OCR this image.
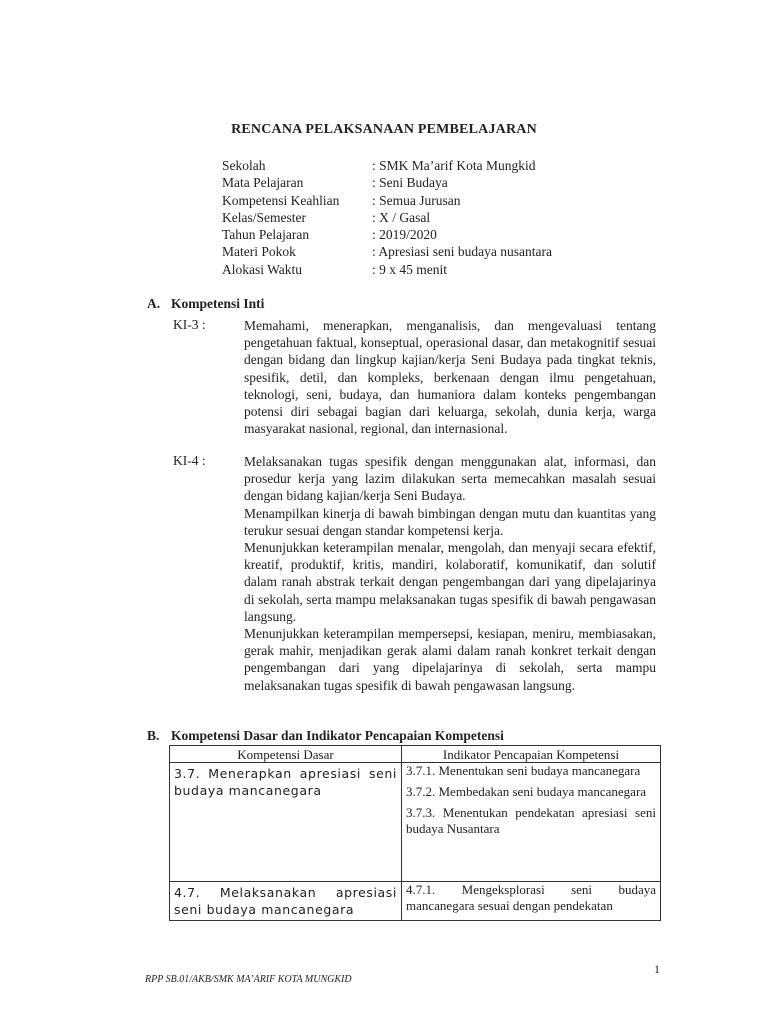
RENCANA PELAKSANAAN PEMBELAJARAN
Sekolah	: SMK Ma’arif Kota Mungkid
Mata Pelajaran	: Seni Budaya
Kompetensi Keahlian	: Semua Jurusan
Kelas/Semester	: X / Gasal
Tahun Pelajaran	: 2019/2020
Materi Pokok	: Apresiasi seni budaya nusantara
Alokasi Waktu	: 9 x 45 menit
A. Kompetensi Inti
KI-3 :	Memahami, menerapkan, menganalisis, dan mengevaluasi tentang pengetahuan faktual, konseptual, operasional dasar, dan metakognitif sesuai dengan bidang dan lingkup kajian/kerja Seni Budaya pada tingkat teknis, spesifik, detil, dan kompleks, berkenaan dengan ilmu pengetahuan, teknologi, seni, budaya, dan humaniora dalam konteks pengembangan potensi diri sebagai bagian dari keluarga, sekolah, dunia kerja, warga masyarakat nasional, regional, dan internasional.

KI-4 :	Melaksanakan tugas spesifik dengan menggunakan alat, informasi, dan prosedur kerja yang lazim dilakukan serta memecahkan masalah sesuai dengan bidang kajian/kerja Seni Budaya.

Menampilkan kinerja di bawah bimbingan dengan mutu dan kuantitas yang terukur sesuai dengan standar kompetensi kerja.

Menunjukkan keterampilan menalar, mengolah, dan menyaji secara efektif, kreatif, produktif, kritis, mandiri, kolaboratif, komunikatif, dan solutif dalam ranah abstrak terkait dengan pengembangan dari yang dipelajarinya di sekolah, serta mampu melaksanakan tugas spesifik di bawah pengawasan langsung.

Menunjukkan keterampilan mempersepsi, kesiapan, meniru, membiasakan, gerak mahir, menjadikan gerak alami dalam ranah konkret terkait dengan pengembangan dari yang dipelajarinya di sekolah, serta mampu melaksanakan tugas spesifik di bawah pengawasan langsung.

B. Kompetensi Dasar dan Indikator Pencapaian Kompetensi
Kompetensi Dasar	Indikator Pencapaian Kompetensi
3.7. Menerapkan apresiasi seni budaya mancanegara	3.7.1. Menentukan seni budaya mancanegara
3.7.2. Membedakan seni budaya mancanegara
3.7.3. Menentukan pendekatan apresiasi seni budaya Nusantara

4.7. Melaksanakan apresiasi seni budaya mancanegara	4.7.1. Mengeksplorasi seni budaya mancanegara sesuai dengan pendekatan
1
RPP SB.01/AKB/SMK MA’ARIF KOTA MUNGKID
